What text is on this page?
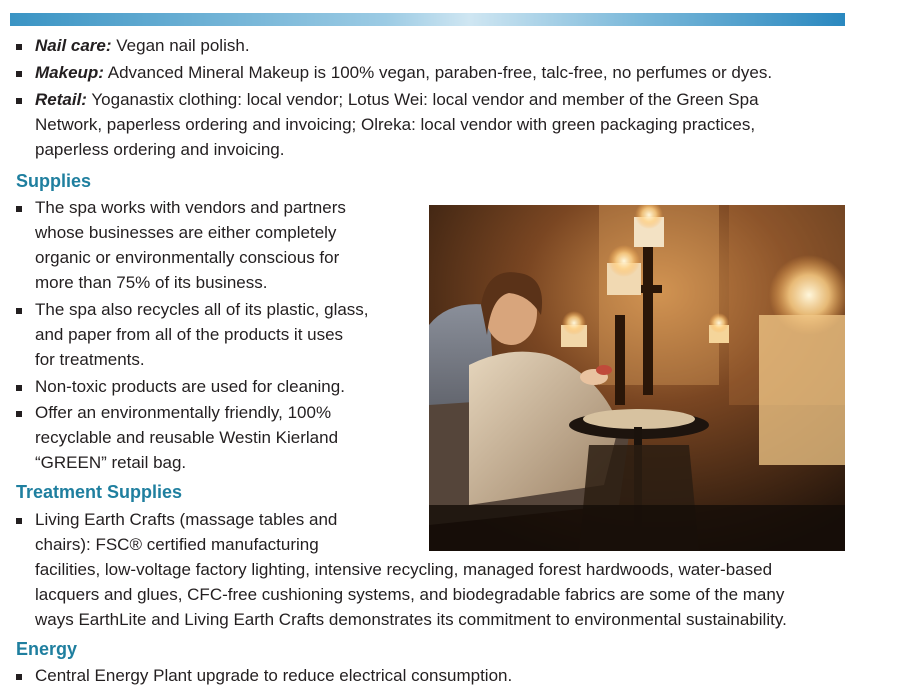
Nail care: Vegan nail polish.
Makeup: Advanced Mineral Makeup is 100% vegan, paraben-free, talc-free, no perfumes or dyes.
Retail: Yoganastix clothing: local vendor; Lotus Wei: local vendor and member of the Green Spa
Network, paperless ordering and invoicing; Olreka: local vendor with green packaging practices,
paperless ordering and invoicing.
Supplies
The spa works with vendors and partners
whose businesses are either completely
organic or environmentally conscious for
more than 75% of its business.
The spa also recycles all of its plastic, glass,
and paper from all of the products it uses
for treatments.
Non-toxic products are used for cleaning.
Offer an environmentally friendly, 100%
recyclable and reusable Westin Kierland
“GREEN” retail bag.
Treatment Supplies
Living Earth Crafts (massage tables and
chairs): FSC® certified manufacturing
facilities, low-voltage factory lighting, intensive recycling, managed forest hardwoods, water-based
lacquers and glues, CFC-free cushioning systems, and biodegradable fabrics are some of the many
ways EarthLite and Living Earth Crafts demonstrates its commitment to environmental sustainability.
Energy
Central Energy Plant upgrade to reduce electrical consumption.
